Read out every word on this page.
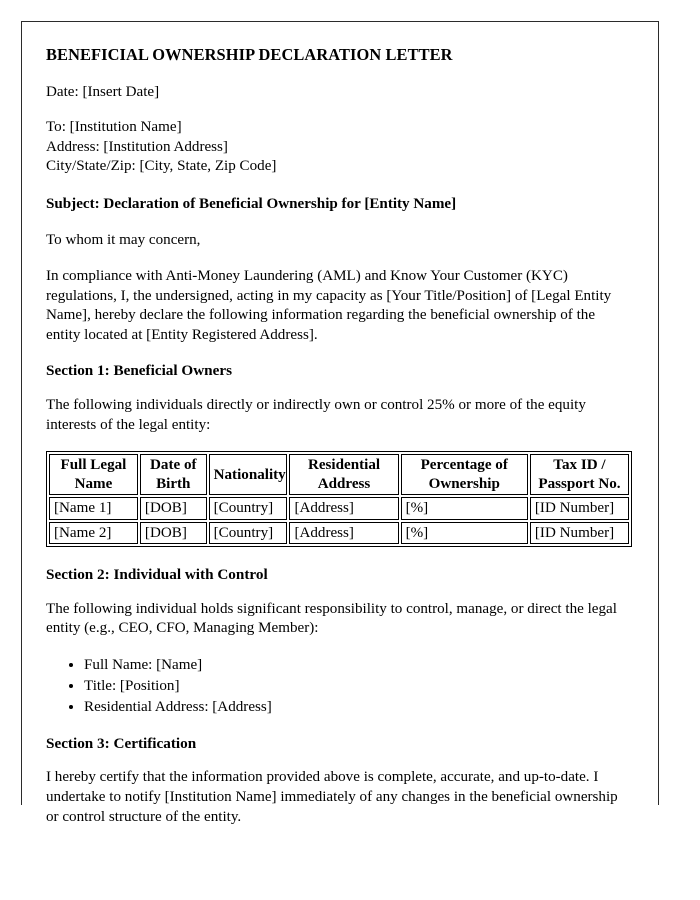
BENEFICIAL OWNERSHIP DECLARATION LETTER

Date: [Insert Date]

To: [Institution Name]
Address: [Institution Address]
City/State/Zip: [City, State, Zip Code]

Subject: Declaration of Beneficial Ownership for [Entity Name]

To whom it may concern,

In compliance with Anti-Money Laundering (AML) and Know Your Customer (KYC) regulations, I, the undersigned, acting in my capacity as [Your Title/Position] of [Legal Entity Name], hereby declare the following information regarding the beneficial ownership of the entity located at [Entity Registered Address].

Section 1: Beneficial Owners

The following individuals directly or indirectly own or control 25% or more of the equity interests of the legal entity:

Full Legal Name	Date of Birth	Nationality	Residential Address	Percentage of Ownership	Tax ID / Passport No.
[Name 1]	[DOB]	[Country]	[Address]	[%]	[ID Number]
[Name 2]	[DOB]	[Country]	[Address]	[%]	[ID Number]
Section 2: Individual with Control

The following individual holds significant responsibility to control, manage, or direct the legal entity (e.g., CEO, CFO, Managing Member):

• Full Name: [Name]
• Title: [Position]
• Residential Address: [Address]
Section 3: Certification

I hereby certify that the information provided above is complete, accurate, and up-to-date. I undertake to notify [Institution Name] immediately of any changes in the beneficial ownership or control structure of the entity.
